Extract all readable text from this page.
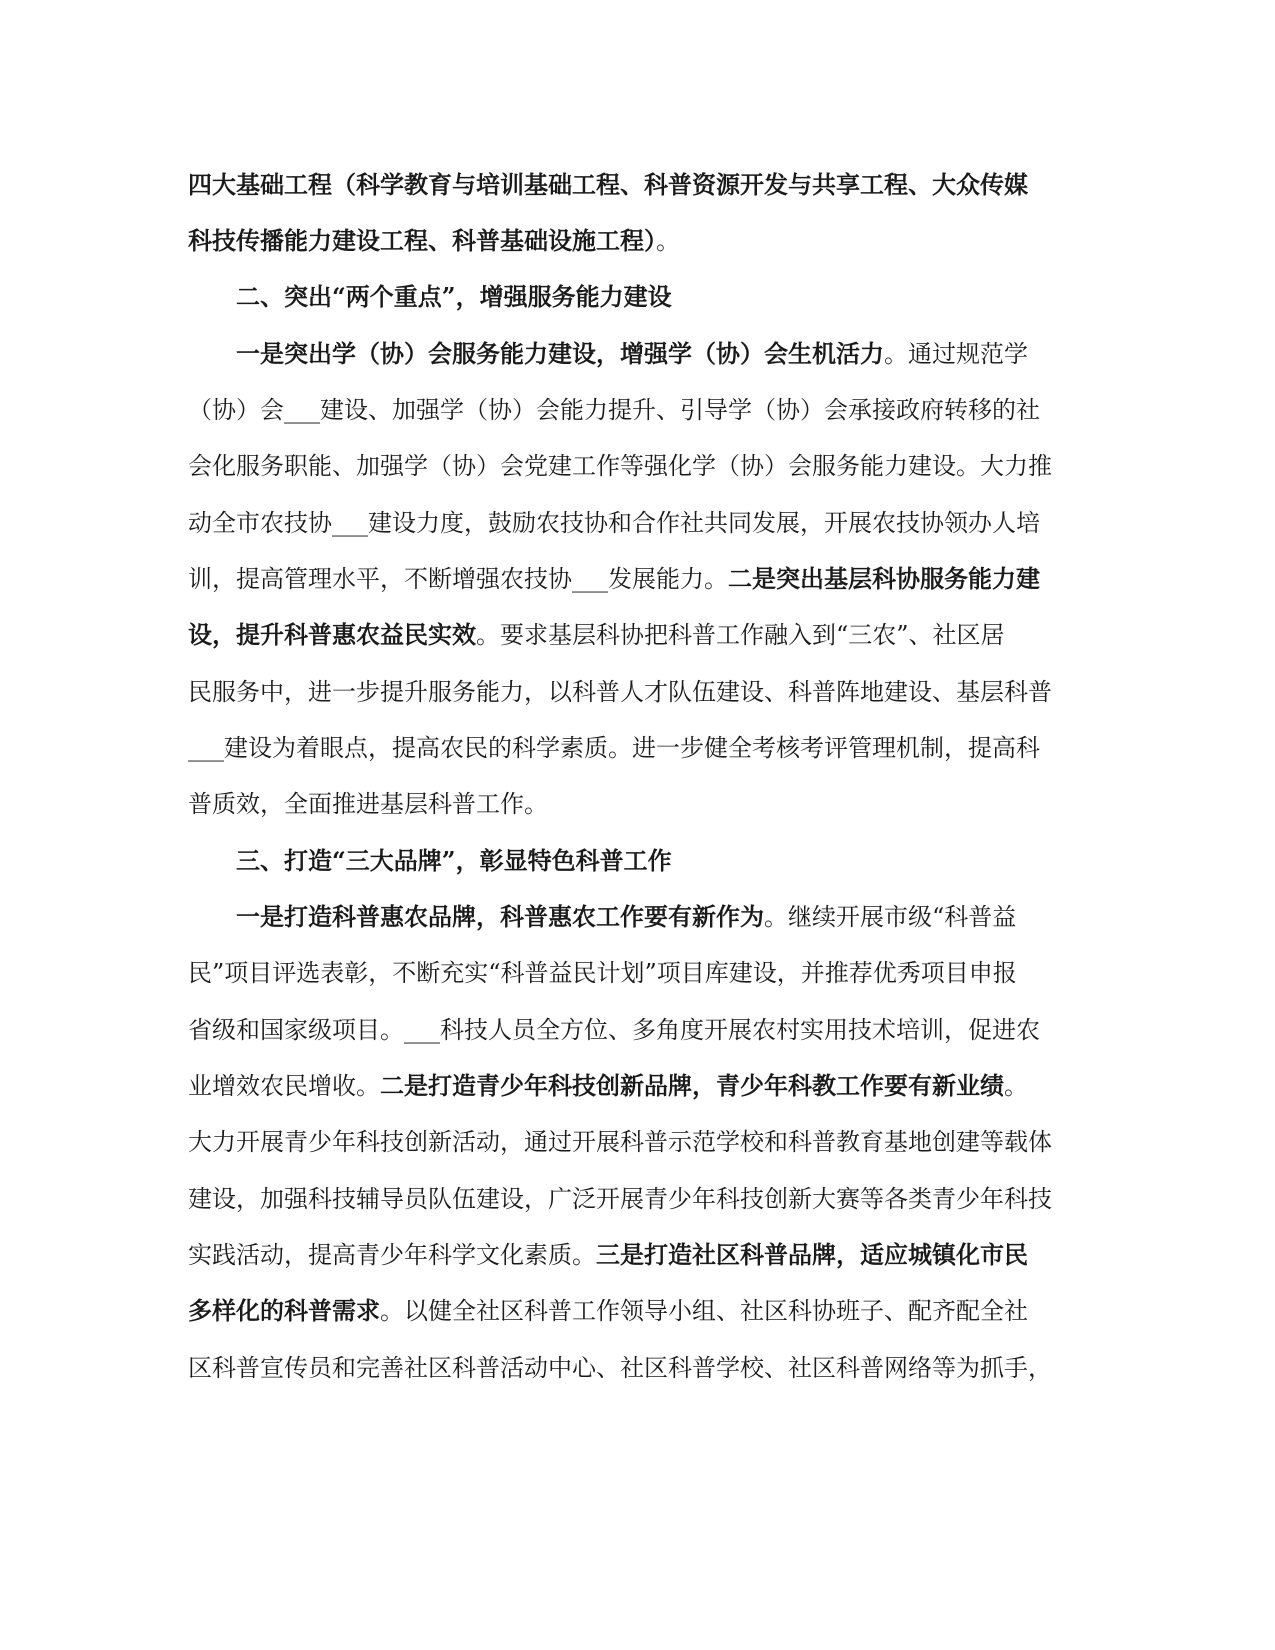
四大基础工程（科学教育与培训基础工程、科普资源开发与共享工程、大众传媒
科技传播能力建设工程、科普基础设施工程）。
二、突出“两个重点”，增强服务能力建设
一是突出学（协）会服务能力建设，增强学（协）会生机活力。通过规范学
（协）会___建设、加强学（协）会能力提升、引导学（协）会承接政府转移的社
会化服务职能、加强学（协）会党建工作等强化学（协）会服务能力建设。大力推
动全市农技协___建设力度，鼓励农技协和合作社共同发展，开展农技协领办人培
训，提高管理水平，不断增强农技协___发展能力。二是突出基层科协服务能力建
设，提升科普惠农益民实效。要求基层科协把科普工作融入到“三农”、社区居
民服务中，进一步提升服务能力，以科普人才队伍建设、科普阵地建设、基层科普
___建设为着眼点，提高农民的科学素质。进一步健全考核考评管理机制，提高科
普质效，全面推进基层科普工作。
三、打造“三大品牌”，彰显特色科普工作
一是打造科普惠农品牌，科普惠农工作要有新作为。继续开展市级“科普益
民”项目评选表彰，不断充实“科普益民计划”项目库建设，并推荐优秀项目申报
省级和国家级项目。___科技人员全方位、多角度开展农村实用技术培训，促进农
业增效农民增收。二是打造青少年科技创新品牌，青少年科教工作要有新业绩。
大力开展青少年科技创新活动，通过开展科普示范学校和科普教育基地创建等载体
建设，加强科技辅导员队伍建设，广泛开展青少年科技创新大赛等各类青少年科技
实践活动，提高青少年科学文化素质。三是打造社区科普品牌，适应城镇化市民
多样化的科普需求。以健全社区科普工作领导小组、社区科协班子、配齐配全社
区科普宣传员和完善社区科普活动中心、社区科普学校、社区科普网络等为抓手，
